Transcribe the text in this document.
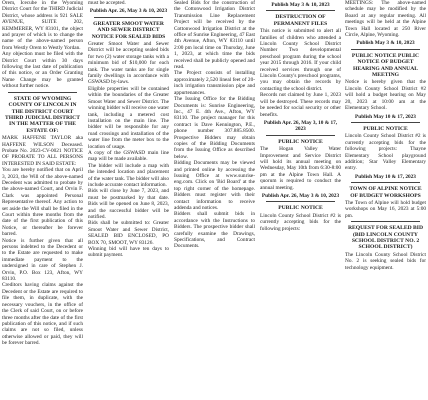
Orem, Icecube in the Wyoming District Court for the THIRD Judicial District, whose address is 921 SALE AVENUE, SUITE 202, KEMMERER, WY 83101, the object and prayer of which is to change the name of the above-named person from Westly Orem to Westly Yordan.

Any objection must be filed with the District Court within 30 days following the last date of publication of this notice, or an Order Granting Name Change may be granted without further notice.

STATE OF WYOMING COUNTY OF LINCOLN IN THE DISTRICT COURT THIRD JUDICIAL DISTRICT IN THE MATTER OF THE ESTATE OF:

MARK HAFFENE TAYLOR aka HAFFENE WILSON Deceased. Probate No. 2023-CV-0021 NOTICE OF PROBATE TO ALL PERSONS INTERESTED IN SAID ESTATE:

You are hereby notified that on April 3, 2023, the Will of the above-named Decedent was admitted to probate by the above-named Court, and Orvin F. Clark was appointed Personal Representative thereof. Any action to set aside the Will shall be filed in the Court within three months from the date of the first publication of this Notice, or thereafter be forever barred.

Notice is further given that all persons indebted to the Decedent or to the Estate are requested to make immediate payment to the undersigned in care of Stephen J. Orvin, P.O. Box 123, Afton, WY 83110.

Creditors having claims against the Decedent or the Estate are required to file them, in duplicate, with the necessary vouchers, in the office of the Clerk of said Court, on or before three months after the date of the first publication of this notice, and if such claims are not so filed, unless otherwise allowed or paid, they will be forever barred.

must be accepted.

Publish Apr. 26, May 3 & 10, 2023

GREATER SMOOT WATER AND SEWER DISTRICT NOTICE FOR SEALED BIDS

Greater Smoot Water and Sewer District will be accepting sealed bids for two (2) water storage tanks with a minimum bid of $10,000 for each tank. The water tanks are for single family dwellings in accordance with GSWASD by-laws.

Eligible properties will be contained within the boundaries of the Greater Smoot Water and Sewer District. The winning bidder will receive one water tank, including a metered cost installation on the main line. The bidder will be responsible for any road crossings and installation of the water line from the meter box to the location of usage.

A copy of the GSWASD main line map will be made available.

The bidder will include a map with the intended location and placement of the water tank. The bidder will also include accurate contact information.

Bids will close by June 7, 2023, and must be postmarked by that date. Bids will be opened on June 8, 2023, and the successful bidder will be notified.

Bids shall be submitted to: Greater Smoot Water and Sewer District, SEALED BID ENCLOSED, PO BOX 70, SMOOT, WY 83126.

Winning bid will have ten days to submit payment.

Sealed Bids for the construction of the Cottonwood Irrigation District Transmission Line Replacement Project will be received by the Cottonwood Irrigation District at the office of Sunrise Engineering, 47 East 4th Avenue, Afton, WY 83110 until 2:00 pm local time on Thursday, June 1, 2023, at which time the bids received shall be publicly opened and read.

The Project consists of installing approximately 2,520 lineal feet of 20-inch irrigation transmission pipe and appurtenances.

The Issuing Office for the Bidding Documents is: Sunrise Engineering, Inc., 47 E. 4th Ave., Afton, WY 83110. The project manager for this contract is Dave Kennington, P.E., phone number 307.885.8500. Prospective Bidders may obtain copies of the Bidding Documents from the Issuing Office as described below.

Bidding Documents may be viewed and printed online by accessing the Issuing Office at www.sunrise-eng.com. Click on 'Bid Board' at the top right corner of the homepage. Bidders must register with their contact information to receive addenda and notices.

Bidders shall submit bids in accordance with the Instructions to Bidders. The prospective bidder shall carefully examine the Drawings, Specifications, and Contract Documents.

Publish May 3 & 10, 2023

DESTRUCTION OF PERMANENT FILES

This notice is submitted to alert all families of children who attended a Lincoln County School District Number Two developmental preschool program during the school year 2015 through 2016. If your child received services through one of Lincoln County's preschool programs, you may obtain the records by contacting the school district.

Records not claimed by June 1, 2023 will be destroyed. These records may be needed for social security or other benefits.

Publish Apr. 26, May 3, 10 & 17, 2023

PUBLIC NOTICE

The Hogan Valley Water Improvement and Service District will hold its annual meeting on Wednesday, May 10th from 6:30-8:00 pm at the Alpine Town Hall. A quorum is required to conduct the annual meeting.

Publish Apr. 26, May 3 & 10, 2023

PUBLIC NOTICE

Lincoln County School District #2 is currently accepting bids for the following projects:

MEETINGS: The above-named schedule may be modified by the Board at any regular meeting. All meetings will be held at the Alpine Town Hall located at 250 River Circle, Alpine, Wyoming.

Publish May 3 & 10, 2023

PUBLIC NOTICE PUBLIC NOTICE OF BUDGET HEARING AND ANNUAL MEETING

Notice is hereby given that the Lincoln County School District #2 will hold a budget hearing on May 20, 2023 at 10:00 am at the Elementary School.

Publish May 10 & 17, 2023

PUBLIC NOTICE

Lincoln County School District #2 is currently accepting bids for the following projects: Thayne Elementary School playground addition; Star Valley Elementary entry.

Publish May 10 & 17, 2023

TOWN OF ALPINE NOTICE OF BUDGET WORKSHOPS

The Town of Alpine will hold budget workshops on May 16, 2023 at 5:00 pm.

REQUEST FOR SEALED BID (BID LINCOLN COUNTY SCHOOL DISTRICT NO. 2 SCHOOL DISTRICT)

The Lincoln County School District No. 2 is seeking sealed bids for technology equipment.
